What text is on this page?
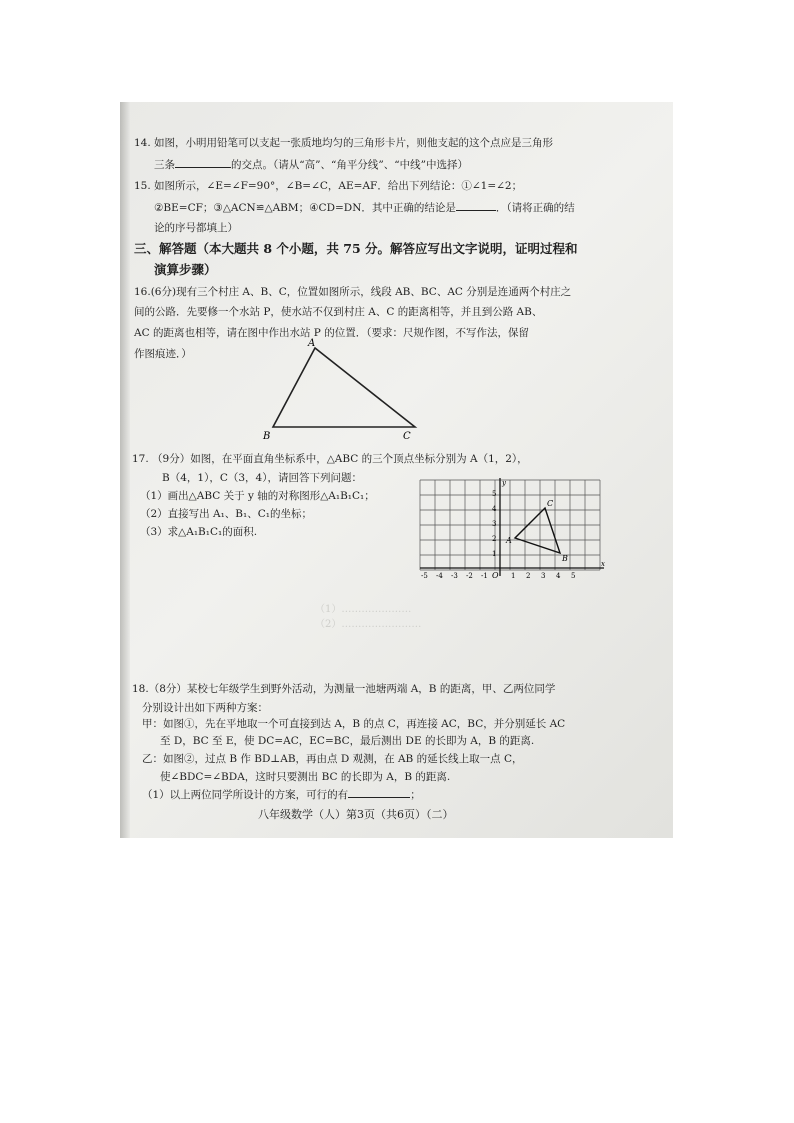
14. 如图，小明用铅笔可以支起一张质地均匀的三角形卡片，则他支起的这个点应是三角形
三条	的交点。（请从“高”、“角平分线”、“中线”中选择）
15. 如图所示，∠E=∠F=90°，∠B=∠C，AE=AF．给出下列结论：①∠1=∠2；
②BE=CF；③△ACN≌△ABM；④CD=DN．其中正确的结论是	．（请将正确的结
论的序号都填上）
三、解答题（本大题共 8 个小题，共 75 分。解答应写出文字说明，证明过程和
演算步骤）
16.(6分)现有三个村庄 A、B、C，位置如图所示，线段 AB、BC、AC 分别是连通两个村庄之
间的公路．先要修一个水站 P，使水站不仅到村庄 A、C 的距离相等，并且到公路 AB、
AC 的距离也相等，请在图中作出水站 P 的位置．（要求：尺规作图，不写作法，保留
作图痕迹．）
A
B	C
17. （9分）如图，在平面直角坐标系中，△ABC 的三个顶点坐标分别为 A（1，2），
B（4，1），C（3，4），请回答下列问题：
（1）画出△ABC 关于 y 轴的对称图形△A₁B₁C₁；
（2）直接写出 A₁、B₁、C₁的坐标；
（3）求△A₁B₁C₁的面积.
-5 -4 -3 -2 -1	1 2 3 4 5
1
2
3
4
5
O
x
y
A
B
C
（1）…………………
（2）……………………
18.（8分）某校七年级学生到野外活动，为测量一池塘两端 A，B 的距离，甲、乙两位同学
分别设计出如下两种方案：
甲：如图①，先在平地取一个可直接到达 A，B 的点 C，再连接 AC，BC，并分别延长 AC
至 D，BC 至 E，使 DC=AC，EC=BC，最后测出 DE 的长即为 A，B 的距离.
乙：如图②，过点 B 作 BD⊥AB，再由点 D 观测，在 AB 的延长线上取一点 C，
使∠BDC=∠BDA，这时只要测出 BC 的长即为 A，B 的距离.
（1）以上两位同学所设计的方案，可行的有	；
八年级数学（人）第3页（共6页）（二）
